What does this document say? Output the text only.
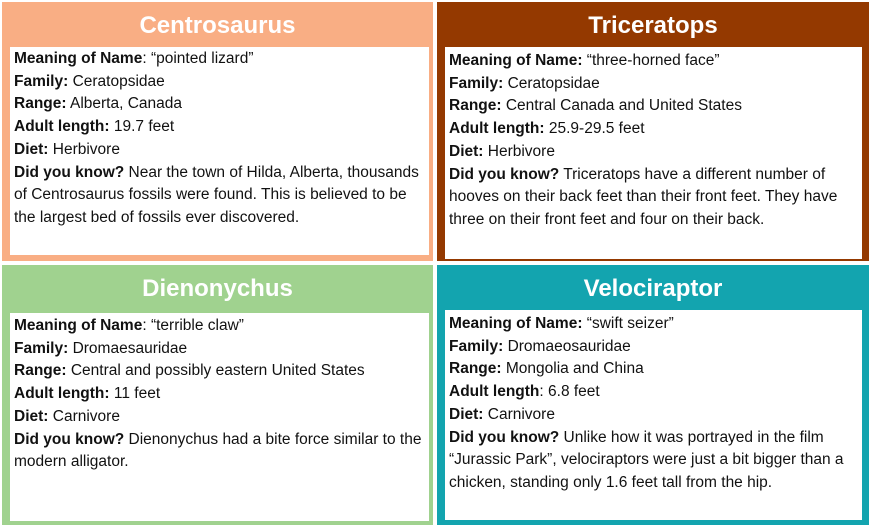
Centrosaurus
Meaning of Name: “pointed lizard”
Family: Ceratopsidae
Range: Alberta, Canada
Adult length: 19.7 feet
Diet: Herbivore
Did you know? Near the town of Hilda, Alberta, thousands of Centrosaurus fossils were found. This is believed to be the largest bed of fossils ever discovered.
Triceratops
Meaning of Name: “three-horned face”
Family: Ceratopsidae
Range: Central Canada and United States
Adult length: 25.9-29.5 feet
Diet: Herbivore
Did you know? Triceratops have a different number of hooves on their back feet than their front feet. They have three on their front feet and four on their back.
Dienonychus
Meaning of Name: “terrible claw”
Family: Dromaesauridae
Range: Central and possibly eastern United States
Adult length: 11 feet
Diet: Carnivore
Did you know? Dienonychus had a bite force similar to the modern alligator.
Velociraptor
Meaning of Name: “swift seizer”
Family: Dromaeosauridae
Range: Mongolia and China
Adult length: 6.8 feet
Diet: Carnivore
Did you know? Unlike how it was portrayed in the film “Jurassic Park”, velociraptors were just a bit bigger than a chicken, standing only 1.6 feet tall from the hip.
